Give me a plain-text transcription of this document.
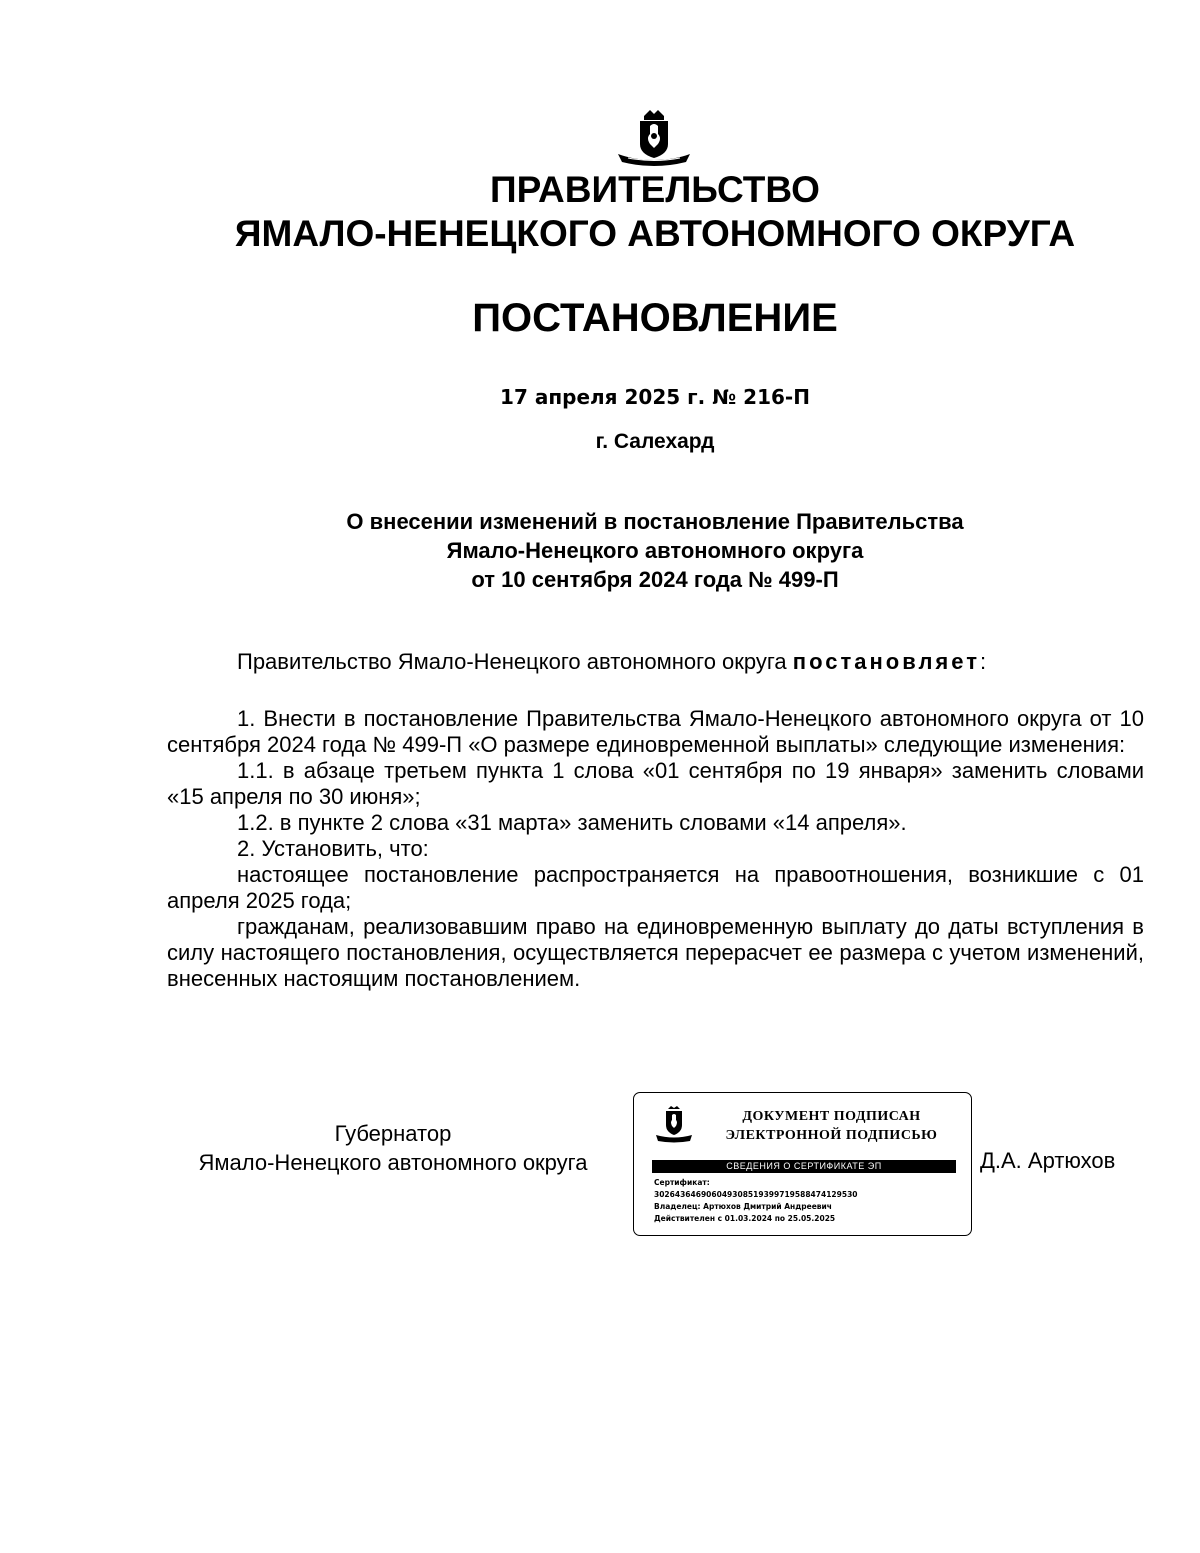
ПРАВИТЕЛЬСТВО
ЯМАЛО-НЕНЕЦКОГО АВТОНОМНОГО ОКРУГА
ПОСТАНОВЛЕНИЕ
17 апреля 2025 г. № 216-П
г. Салехард
О внесении изменений в постановление Правительства
Ямало-Ненецкого автономного округа
от 10 сентября 2024 года № 499-П
Правительство Ямало-Ненецкого автономного округа постановляет:

1. Внести в постановление Правительства Ямало-Ненецкого автономного округа от 10 сентября 2024 года № 499-П «О размере единовременной выплаты» следующие изменения:

1.1. в абзаце третьем пункта 1 слова «01 сентября по 19 января» заменить словами «15 апреля по 30 июня»;

1.2. в пункте 2 слова «31 марта» заменить словами «14 апреля».

2. Установить, что:

настоящее постановление распространяется на правоотношения, возникшие с 01 апреля 2025 года;

гражданам, реализовавшим право на единовременную выплату до даты вступления в силу настоящего постановления, осуществляется перерасчет ее размера с учетом изменений, внесенных настоящим постановлением.

Губернатор
Ямало-Ненецкого автономного округа
ДОКУМЕНТ ПОДПИСАН
ЭЛЕКТРОННОЙ ПОДПИСЬЮ
СВЕДЕНИЯ О СЕРТИФИКАТЕ ЭП
Сертификат:
30264364690604930851939971958847412953​0
Владелец: Артюхов Дмитрий Андреевич
Действителен с 01.03.2024 по 25.05.2025
Д.А. Артюхов
